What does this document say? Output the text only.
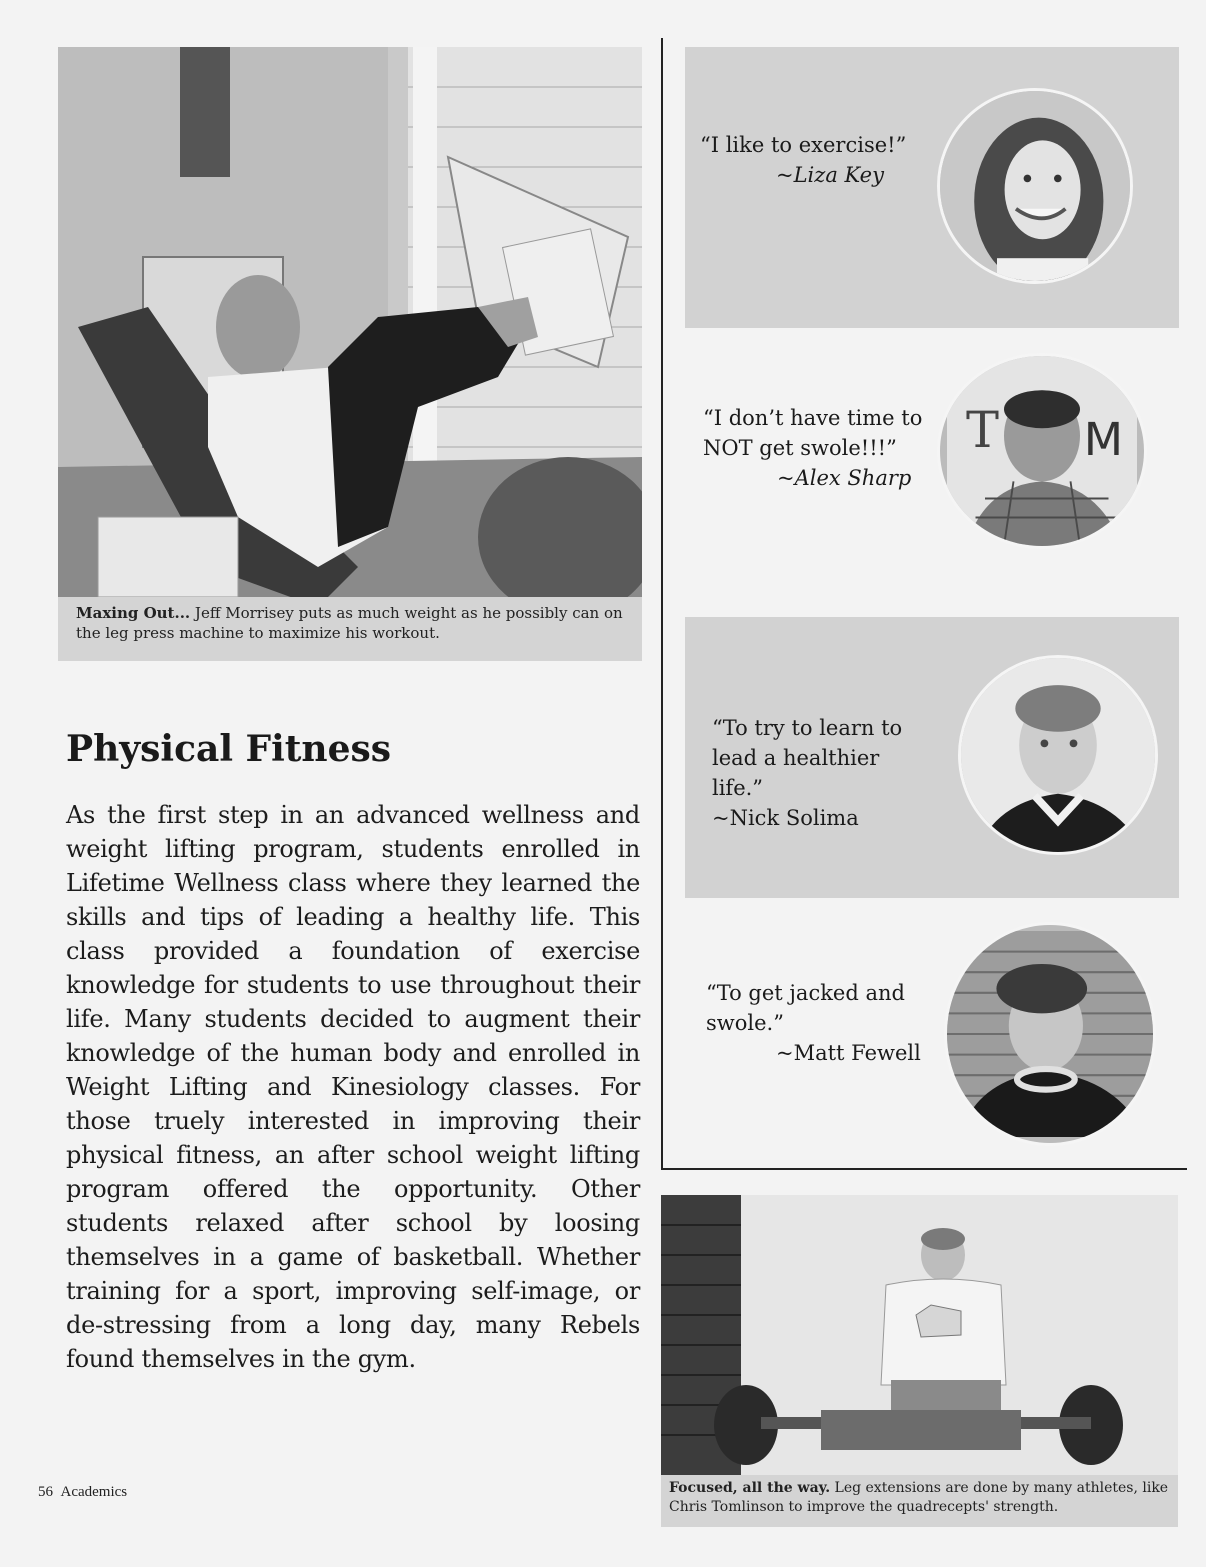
Maxing Out... Jeff Morrisey puts as much weight as he possibly can on the leg press machine to maximize his workout.
Physical Fitness

As the first step in an advanced wellness and weight lifting program, students enrolled in Lifetime Wellness class where they learned the skills and tips of leading a healthy life. This class provided a foundation of exercise knowledge for students to use throughout their life. Many students decided to augment their knowledge of the human body and enrolled in Weight Lifting and Kinesiology classes. For those truely interested in improving their physical fitness, an after school weight lifting program offered the opportunity. Other students relaxed after school by loosing themselves in a game of basketball. Whether training for a sport, improving self-image, or de-stressing from a long day, many Rebels found themselves in the gym.

“I like to exercise!”
~Liza Key
“I don’t have time to
NOT get swole!!!”
~Alex Sharp
T	M
“To try to learn to
lead a healthier
life.”
~Nick Solima
“To get jacked and
swole.”
~Matt Fewell
Focused, all the way. Leg extensions are done by many athletes, like Chris Tomlinson to improve the quadrecepts' strength.
56 Academics
